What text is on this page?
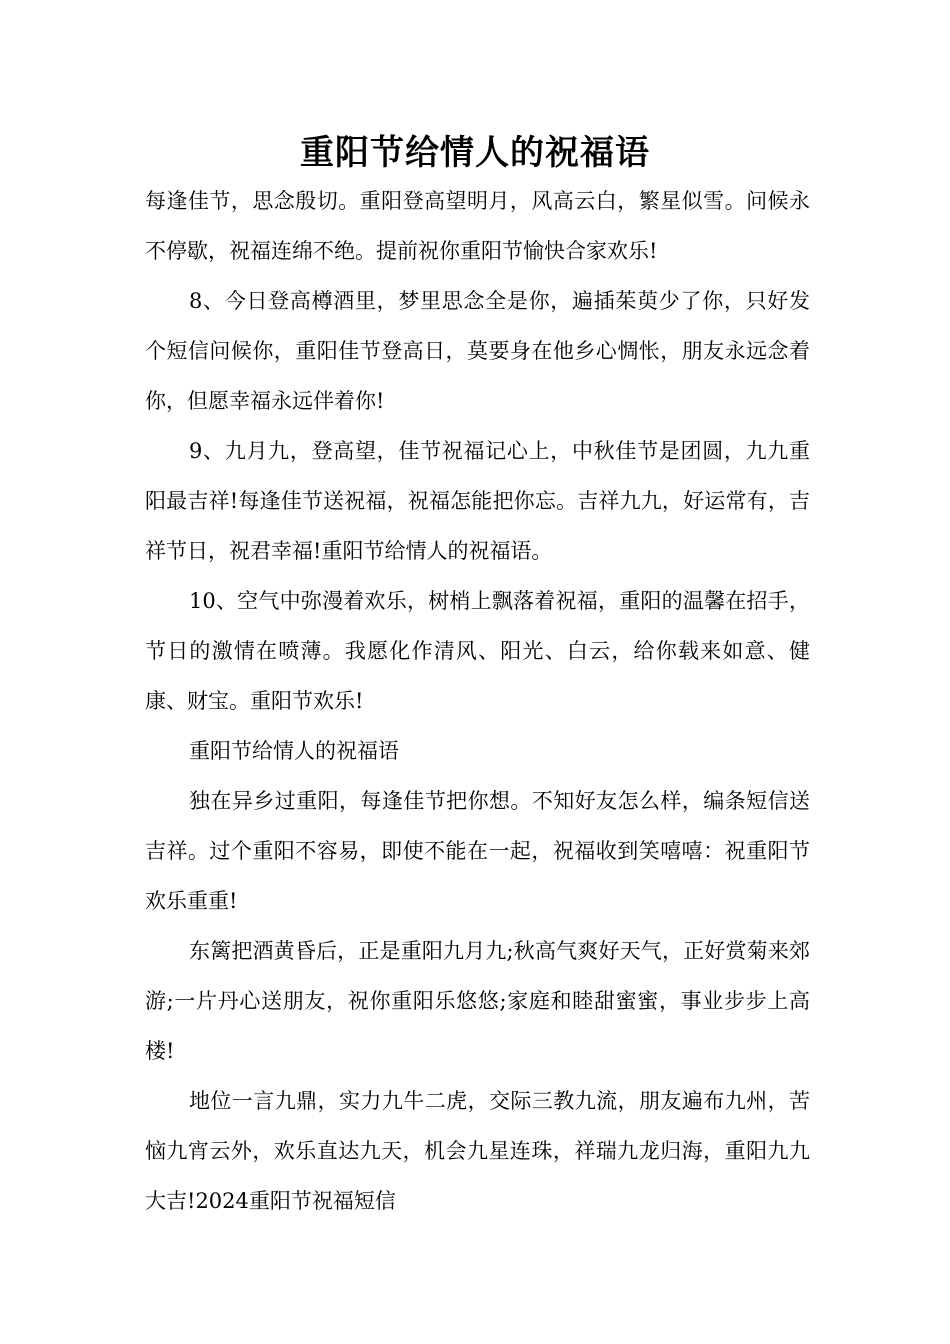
重阳节给情人的祝福语

每逢佳节，思念殷切。重阳登高望明月，风高云白，繁星似雪。问候永不停歇，祝福连绵不绝。提前祝你重阳节愉快合家欢乐!

8、今日登高樽酒里，梦里思念全是你，遍插茱萸少了你，只好发个短信问候你，重阳佳节登高日，莫要身在他乡心惆怅，朋友永远念着你，但愿幸福永远伴着你!

9、九月九，登高望，佳节祝福记心上，中秋佳节是团圆，九九重阳最吉祥!每逢佳节送祝福，祝福怎能把你忘。吉祥九九，好运常有，吉祥节日，祝君幸福!重阳节给情人的祝福语。

10、空气中弥漫着欢乐，树梢上飘落着祝福，重阳的温馨在招手，节日的激情在喷薄。我愿化作清风、阳光、白云，给你载来如意、健康、财宝。重阳节欢乐!

重阳节给情人的祝福语

独在异乡过重阳，每逢佳节把你想。不知好友怎么样，编条短信送吉祥。过个重阳不容易，即使不能在一起，祝福收到笑嘻嘻：祝重阳节欢乐重重!

东篱把酒黄昏后，正是重阳九月九;秋高气爽好天气，正好赏菊来郊游;一片丹心送朋友，祝你重阳乐悠悠;家庭和睦甜蜜蜜，事业步步上高楼!

地位一言九鼎，实力九牛二虎，交际三教九流，朋友遍布九州，苦恼九宵云外，欢乐直达九天，机会九星连珠，祥瑞九龙归海，重阳九九大吉!2024重阳节祝福短信
